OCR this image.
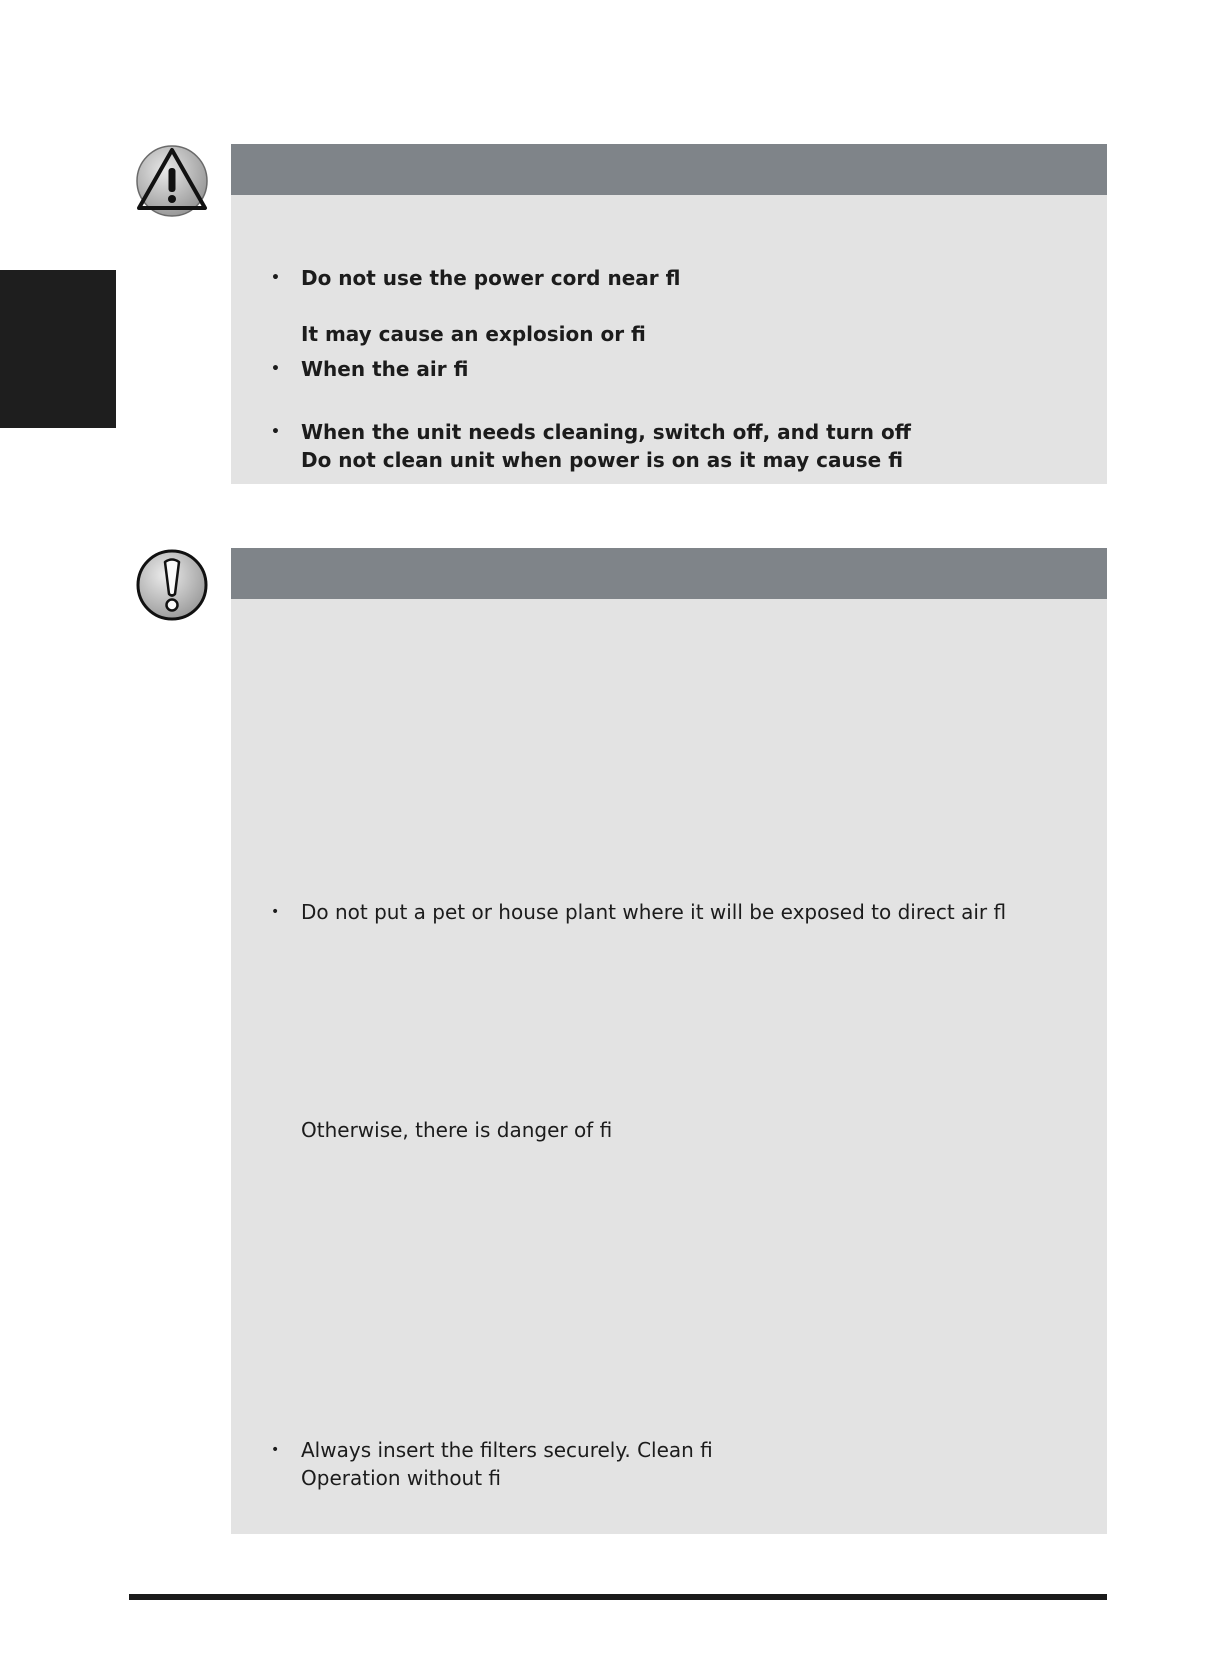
• Do not use the power cord near fl
It may cause an explosion or fi
• When the air fi
• When the unit needs cleaning, switch off, and turn off
Do not clean unit when power is on as it may cause fi
• Do not put a pet or house plant where it will be exposed to direct air fl
Otherwise, there is danger of fi
• Always insert the filters securely. Clean fi
Operation without fi
